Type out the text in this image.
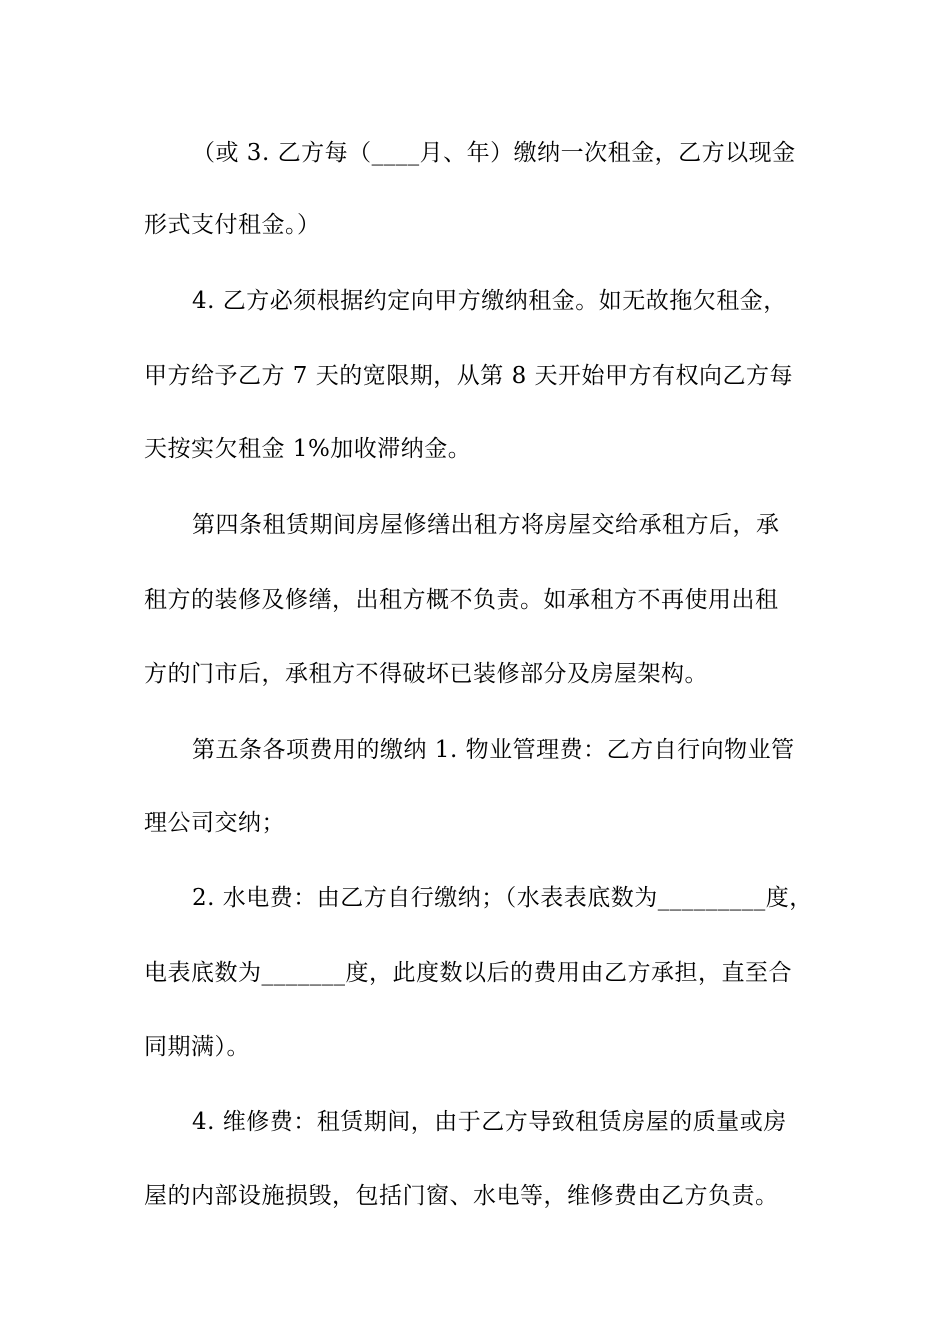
（或 3. 乙方每（____月、年）缴纳一次租金，乙方以现金
形式支付租金。）
4. 乙方必须根据约定向甲方缴纳租金。如无故拖欠租金，
甲方给予乙方 7 天的宽限期，从第 8 天开始甲方有权向乙方每
天按实欠租金 1%加收滞纳金。
第四条租赁期间房屋修缮出租方将房屋交给承租方后，承
租方的装修及修缮，出租方概不负责。如承租方不再使用出租
方的门市后，承租方不得破坏已装修部分及房屋架构。
第五条各项费用的缴纳 1. 物业管理费：乙方自行向物业管
理公司交纳；
2. 水电费：由乙方自行缴纳；（水表表底数为_________度，
电表底数为_______度，此度数以后的费用由乙方承担，直至合
同期满）。
4. 维修费：租赁期间，由于乙方导致租赁房屋的质量或房
屋的内部设施损毁，包括门窗、水电等，维修费由乙方负责。
